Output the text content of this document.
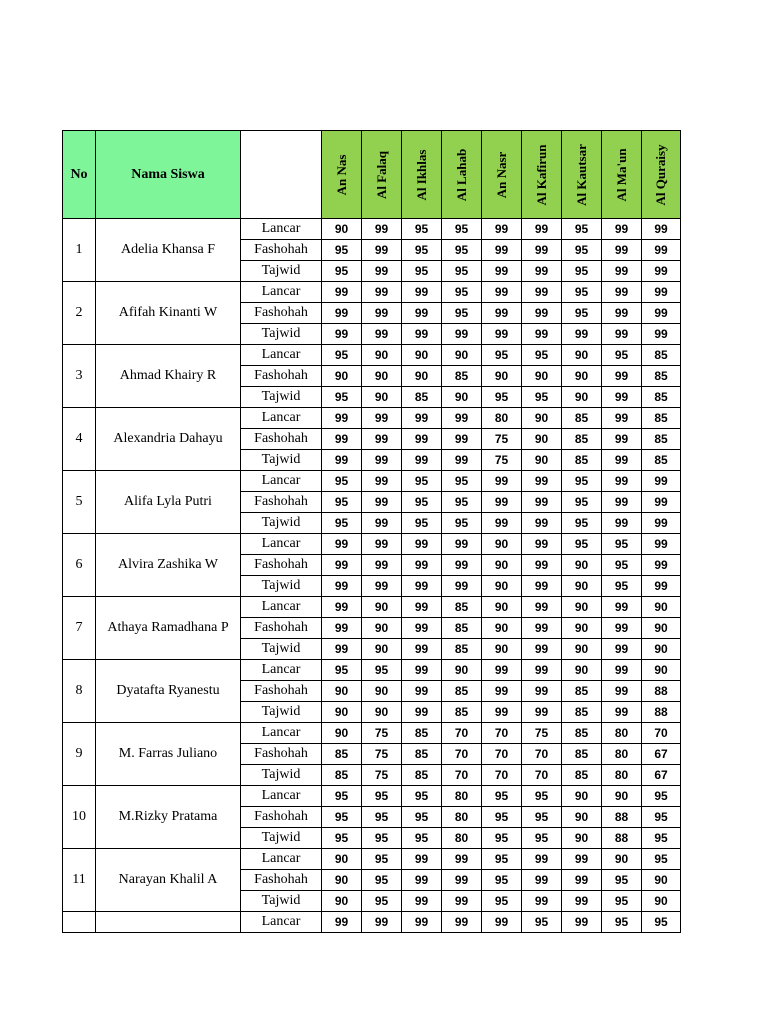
No	Nama Siswa		An Nas	Al Falaq	Al Ikhlas	Al Lahab	An Nasr	Al Kafirun	Al Kautsar	Al Ma'un	Al Quraisy

1	Adelia Khansa F	Lancar	90	99	95	95	99	99	95	99	99
		Fashohah	95	99	95	95	99	99	95	99	99
		Tajwid	95	99	95	95	99	99	95	99	99
2	Afifah Kinanti W	Lancar	99	99	99	95	99	99	95	99	99
		Fashohah	99	99	99	95	99	99	95	99	99
		Tajwid	99	99	99	99	99	99	99	99	99
3	Ahmad Khairy R	Lancar	95	90	90	90	95	95	90	95	85
		Fashohah	90	90	90	85	90	90	90	99	85
		Tajwid	95	90	85	90	95	95	90	99	85
4	Alexandria Dahayu	Lancar	99	99	99	99	80	90	85	99	85
		Fashohah	99	99	99	99	75	90	85	99	85
		Tajwid	99	99	99	99	75	90	85	99	85
5	Alifa Lyla Putri	Lancar	95	99	95	95	99	99	95	99	99
		Fashohah	95	99	95	95	99	99	95	99	99
		Tajwid	95	99	95	95	99	99	95	99	99
6	Alvira Zashika W	Lancar	99	99	99	99	90	99	95	95	99
		Fashohah	99	99	99	99	90	99	90	95	99
		Tajwid	99	99	99	99	90	99	90	95	99
7	Athaya Ramadhana P	Lancar	99	90	99	85	90	99	90	99	90
		Fashohah	99	90	99	85	90	99	90	99	90
		Tajwid	99	90	99	85	90	99	90	99	90
8	Dyatafta Ryanestu	Lancar	95	95	99	90	99	99	90	99	90
		Fashohah	90	90	99	85	99	99	85	99	88
		Tajwid	90	90	99	85	99	99	85	99	88
9	M. Farras Juliano	Lancar	90	75	85	70	70	75	85	80	70
		Fashohah	85	75	85	70	70	70	85	80	67
		Tajwid	85	75	85	70	70	70	85	80	67
10	M.Rizky Pratama	Lancar	95	95	95	80	95	95	90	90	95
		Fashohah	95	95	95	80	95	95	90	88	95
		Tajwid	95	95	95	80	95	95	90	88	95
11	Narayan Khalil A	Lancar	90	95	99	99	95	99	99	90	95
		Fashohah	90	95	99	99	95	99	99	95	90
		Tajwid	90	95	99	99	95	99	99	95	90
		Lancar	99	99	99	99	99	95	99	95	95
